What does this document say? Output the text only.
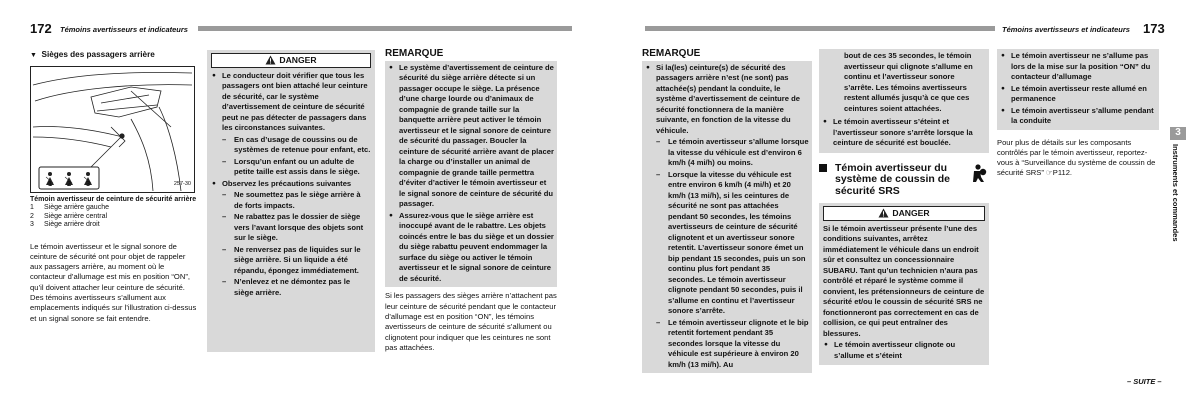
172 Témoins avertisseurs et indicateurs
▼ Sièges des passagers arrière
1 2 3	257-30

Témoin avertisseur de ceinture de sécurité arrière

1	Siège arrière gauche
2	Siège arrière central
3	Siège arrière droit

Le témoin avertisseur et le signal sonore de ceinture de sécurité ont pour objet de rappeler aux passagers arrière, au moment où le contacteur d’allumage est mis en position “ON”, qu’il doivent attacher leur ceinture de sécurité. Des témoins avertisseurs s’allument aux emplacements indiqués sur l’illustration ci-dessus et un signal sonore se fait entendre.

DANGER
● Le conducteur doit vérifier que tous les passagers ont bien attaché leur ceinture de sécurité, car le système d’avertissement de ceinture de sécurité peut ne pas détecter de passagers dans les circonstances suivantes.
– En cas d’usage de coussins ou de systèmes de retenue pour enfant, etc.
– Lorsqu’un enfant ou un adulte de petite taille est assis dans le siège.
● Observez les précautions suivantes
– Ne soumettez pas le siège arrière à de forts impacts.
– Ne rabattez pas le dossier de siège vers l’avant lorsque des objets sont sur le siège.
– Ne renversez pas de liquides sur le siège arrière. Si un liquide a été répandu, épongez immédiatement.
– N’enlevez et ne démontez pas le siège arrière.
REMARQUE
● Le système d’avertissement de ceinture de sécurité du siège arrière détecte si un passager occupe le siège. La présence d’une charge lourde ou d’animaux de compagnie de grande taille sur la banquette arrière peut activer le témoin avertisseur et le signal sonore de ceinture de sécurité du passager. Boucler la ceinture de sécurité arrière avant de placer la charge ou d’installer un animal de compagnie de grande taille permettra d’éviter d’activer le témoin avertisseur et le signal sonore de ceinture de sécurité du passager.
● Assurez-vous que le siège arrière est inoccupé avant de le rabattre. Les objets coincés entre le bas du siège et un dossier du siège rabattu peuvent endommager la surface du siège ou activer le témoin avertisseur et le signal sonore de ceinture de sécurité.

Si les passagers des sièges arrière n’attachent pas leur ceinture de sécurité pendant que le contacteur d’allumage est en position “ON”, les témoins avertisseurs de ceinture de sécurité s’allument ou clignotent pour indiquer que les ceintures ne sont pas attachées.

Témoins avertisseurs et indicateurs 173
REMARQUE
● Si la(les) ceinture(s) de sécurité des passagers arrière n’est (ne sont) pas attachée(s) pendant la conduite, le système d’avertissement de ceinture de sécurité fonctionnera de la manière suivante, en fonction de la vitesse du véhicule.
– Le témoin avertisseur s’allume lorsque la vitesse du véhicule est d’environ 6 km/h (4 mi/h) ou moins.
– Lorsque la vitesse du véhicule est entre environ 6 km/h (4 mi/h) et 20 km/h (13 mi/h), si les ceintures de sécurité ne sont pas attachées pendant 50 secondes, les témoins avertisseurs de ceinture de sécurité clignotent et un avertisseur sonore retentit. L’avertisseur sonore émet un bip pendant 15 secondes, puis un son continu plus fort pendant 35 secondes. Le témoin avertisseur clignote pendant 50 secondes, puis il s’allume en continu et l’avertisseur sonore s’arrête.
– Le témoin avertisseur clignote et le bip retentit fortement pendant 35 secondes lorsque la vitesse du véhicule est supérieure à environ 20 km/h (13 mi/h). Au

bout de ces 35 secondes, le témoin avertisseur qui clignote s’allume en continu et l’avertisseur sonore s’arrête. Les témoins avertisseurs restent allumés jusqu’à ce que ces ceintures soient attachées.

● Le témoin avertisseur s’éteint et l’avertisseur sonore s’arrête lorsque la ceinture de sécurité est bouclée.
Témoin avertisseur du système de coussin de sécurité SRS
DANGER

Si le témoin avertisseur présente l’une des conditions suivantes, arrêtez immédiatement le véhicule dans un endroit sûr et consultez un concessionnaire SUBARU. Tant qu’un technicien n’aura pas contrôlé et réparé le système comme il convient, les prétensionneurs de ceinture de sécurité et/ou le coussin de sécurité SRS ne fonctionneront pas correctement en cas de collision, ce qui peut entraîner des blessures.

● Le témoin avertisseur clignote ou s’allume et s’éteint
● Le témoin avertisseur ne s’allume pas lors de la mise sur la position “ON” du contacteur d’allumage
● Le témoin avertisseur reste allumé en permanence
● Le témoin avertisseur s’allume pendant la conduite

Pour plus de détails sur les composants contrôlés par le témoin avertisseur, reportez-vous à “Surveillance du système de coussin de sécurité SRS” ☞P112.

3
Instruments et commandes
– SUITE –
